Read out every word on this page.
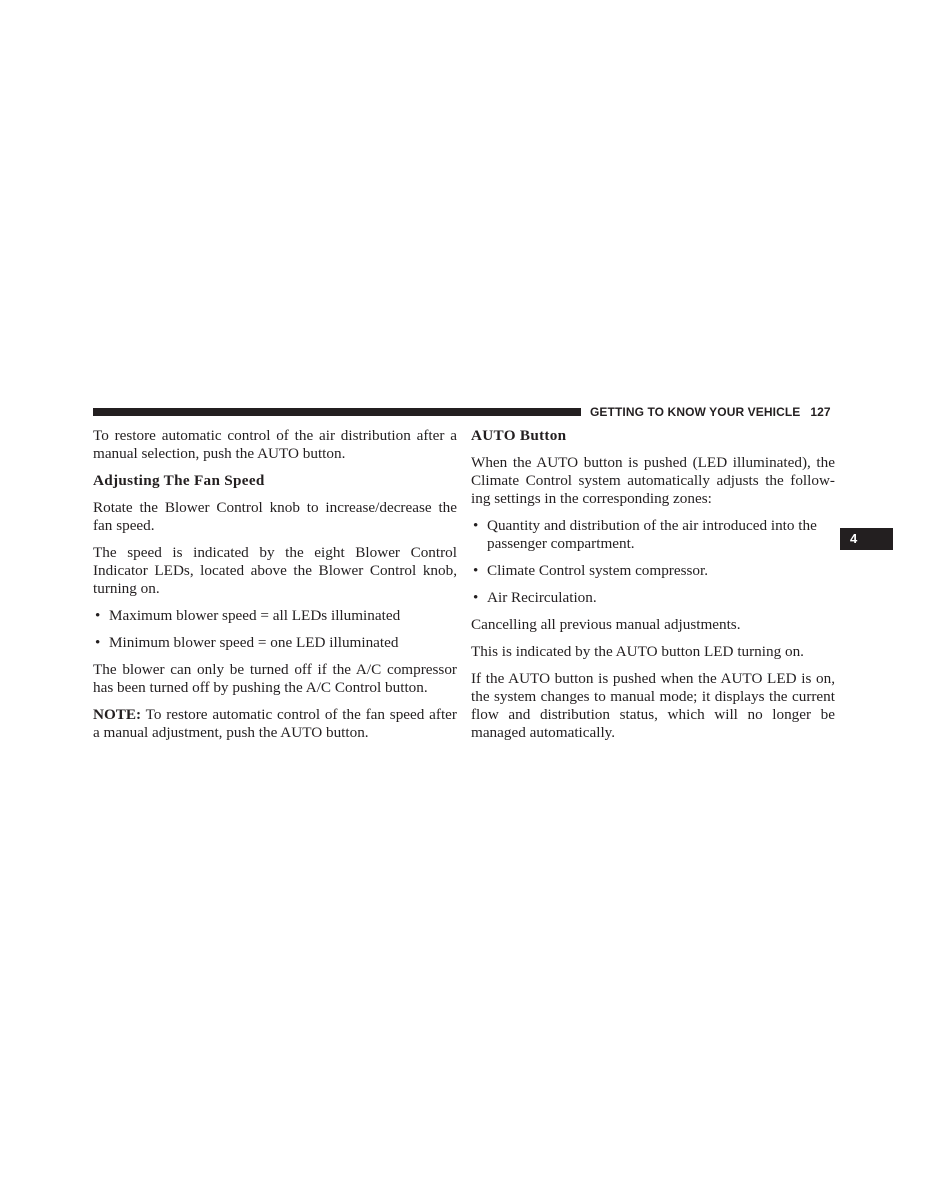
GETTING TO KNOW YOUR VEHICLE 127
4

To restore automatic control of the air distribution after a manual selection, push the AUTO button.

Adjusting The Fan Speed

Rotate the Blower Control knob to increase/decrease the fan speed.

The speed is indicated by the eight Blower Control Indicator LEDs, located above the Blower Control knob, turning on.

• Maximum blower speed = all LEDs illuminated
• Minimum blower speed = one LED illuminated

The blower can only be turned off if the A/C compressor has been turned off by pushing the A/C Control button.

NOTE: To restore automatic control of the fan speed after a manual adjustment, push the AUTO button.

AUTO Button

When the AUTO button is pushed (LED illuminated), the Climate Control system automatically adjusts the follow-ing settings in the corresponding zones:

• Quantity and distribution of the air introduced into the passenger compartment.
• Climate Control system compressor.
• Air Recirculation.

Cancelling all previous manual adjustments.

This is indicated by the AUTO button LED turning on.

If the AUTO button is pushed when the AUTO LED is on, the system changes to manual mode; it displays the current flow and distribution status, which will no longer be managed automatically.
